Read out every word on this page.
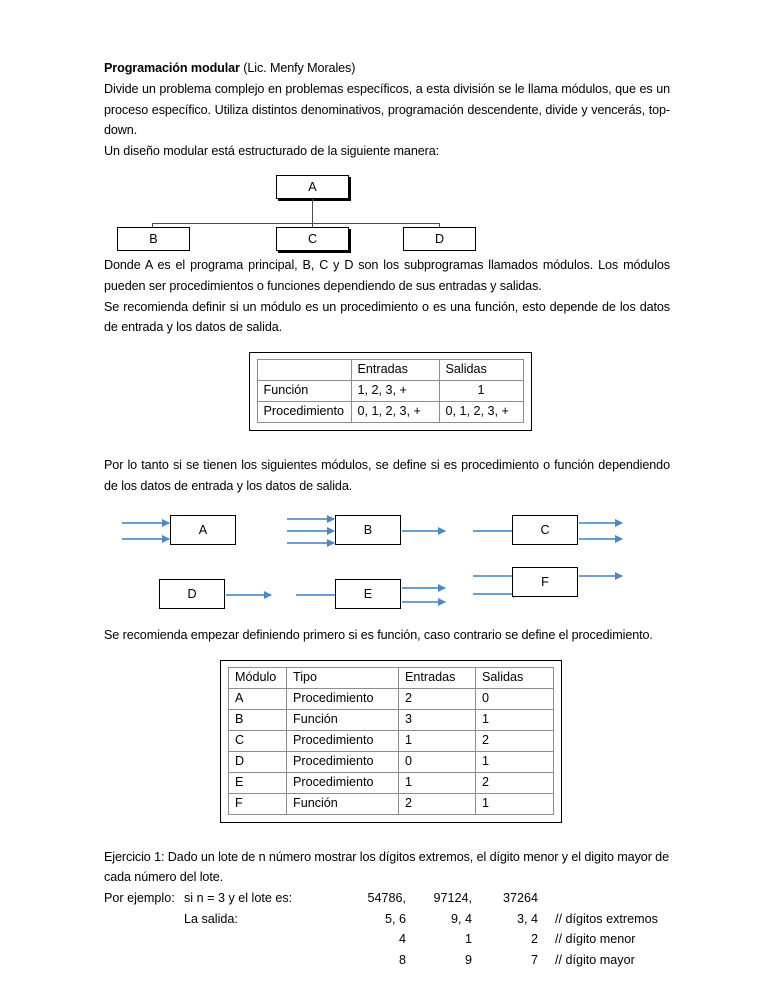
Programación modular (Lic. Menfy Morales)

Divide un problema complejo en problemas específicos, a esta división se le llama módulos, que es un proceso específico. Utiliza distintos denominativos, programación descendente, divide y vencerás, top-down.

Un diseño modular está estructurado de la siguiente manera:

A
B	C	D

Donde A es el programa principal, B, C y D son los subprogramas llamados módulos. Los módulos pueden ser procedimientos o funciones dependiendo de sus entradas y salidas.

Se recomienda definir si un módulo es un procedimiento o es una función, esto depende de los datos de entrada y los datos de salida.

	Entradas	Salidas
Función	1, 2, 3, +	1
Procedimiento	0, 1, 2, 3, +	0, 1, 2, 3, +

Por lo tanto si se tienen los siguientes módulos, se define si es procedimiento o función dependiendo de los datos de entrada y los datos de salida.

A	B	C
D	E
F

Se recomienda empezar definiendo primero si es función, caso contrario se define el procedimiento.

Módulo	Tipo	Entradas	Salidas
A	Procedimiento	2	0
B	Función	3	1
C	Procedimiento	1	2
D	Procedimiento	0	1
E	Procedimiento	1	2
F	Función	2	1

Ejercicio 1: Dado un lote de n número mostrar los dígitos extremos, el dígito menor y el digito mayor de cada número del lote.

Por ejemplo: si n = 3 y el lote es:	54786, 97124, 37264
La salida:	5, 6	9, 4	3, 4 // dígitos extremos
4	1	2 // dígito menor
8	9	7 // dígito mayor
